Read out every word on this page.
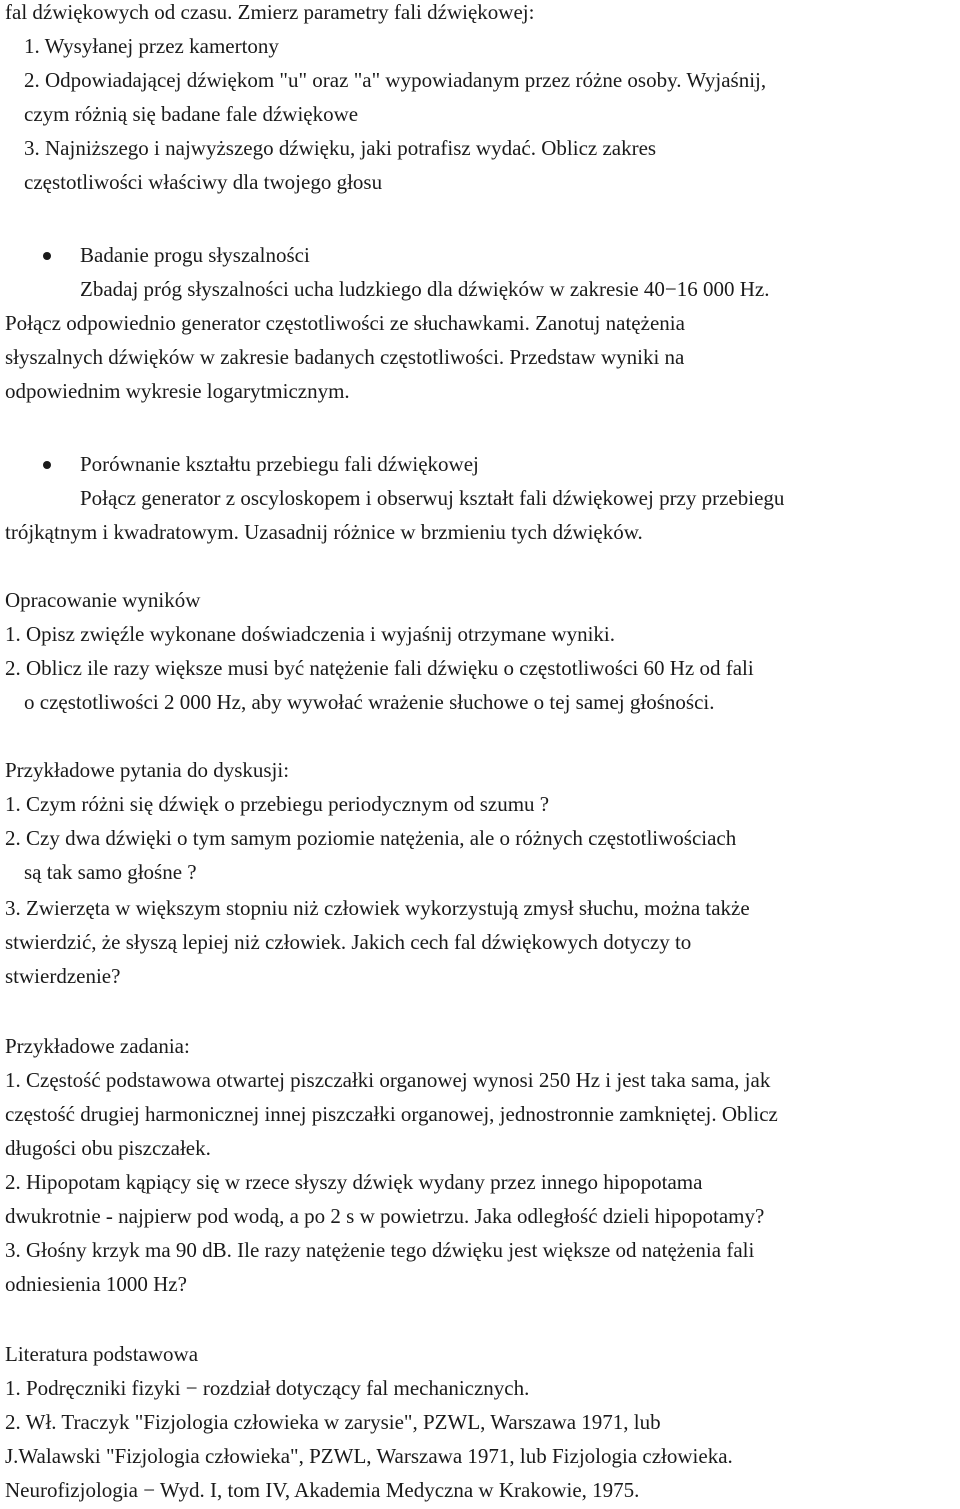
fal dźwiękowych od czasu. Zmierz parametry fali dźwiękowej:
1. Wysyłanej przez kamertony
2. Odpowiadającej dźwiękom "u" oraz "a" wypowiadanym przez różne osoby. Wyjaśnij,
czym różnią się badane fale dźwiękowe
3. Najniższego i najwyższego dźwięku, jaki potrafisz wydać. Oblicz zakres
częstotliwości właściwy dla twojego głosu
Badanie progu słyszalności
Zbadaj próg słyszalności ucha ludzkiego dla dźwięków w zakresie 40−16 000 Hz.
Połącz odpowiednio generator częstotliwości ze słuchawkami. Zanotuj natężenia
słyszalnych dźwięków w zakresie badanych częstotliwości. Przedstaw wyniki na
odpowiednim wykresie logarytmicznym.
Porównanie kształtu przebiegu fali dźwiękowej
Połącz generator z oscyloskopem i obserwuj kształt fali dźwiękowej przy przebiegu
trójkątnym i kwadratowym. Uzasadnij różnice w brzmieniu tych dźwięków.
Opracowanie wyników
1. Opisz zwięźle wykonane doświadczenia i wyjaśnij otrzymane wyniki.
2. Oblicz ile razy większe musi być natężenie fali dźwięku o częstotliwości 60 Hz od fali
o częstotliwości 2 000 Hz, aby wywołać wrażenie słuchowe o tej samej głośności.
Przykładowe pytania do dyskusji:
1. Czym różni się dźwięk o przebiegu periodycznym od szumu ?
2. Czy dwa dźwięki o tym samym poziomie natężenia, ale o różnych częstotliwościach
są tak samo głośne ?
3. Zwierzęta w większym stopniu niż człowiek wykorzystują zmysł słuchu, można także
stwierdzić, że słyszą lepiej niż człowiek. Jakich cech fal dźwiękowych dotyczy to
stwierdzenie?
Przykładowe zadania:
1. Częstość podstawowa otwartej piszczałki organowej wynosi 250 Hz i jest taka sama, jak
częstość drugiej harmonicznej innej piszczałki organowej, jednostronnie zamkniętej. Oblicz
długości obu piszczałek.
2. Hipopotam kąpiący się w rzece słyszy dźwięk wydany przez innego hipopotama
dwukrotnie - najpierw pod wodą, a po 2 s w powietrzu. Jaka odległość dzieli hipopotamy?
3. Głośny krzyk ma 90 dB. Ile razy natężenie tego dźwięku jest większe od natężenia fali
odniesienia 1000 Hz?
Literatura podstawowa
1. Podręczniki fizyki − rozdział dotyczący fal mechanicznych.
2. Wł. Traczyk "Fizjologia człowieka w zarysie", PZWL, Warszawa 1971, lub
J.Walawski "Fizjologia człowieka", PZWL, Warszawa 1971, lub Fizjologia człowieka.
Neurofizjologia − Wyd. I, tom IV, Akademia Medyczna w Krakowie, 1975.
